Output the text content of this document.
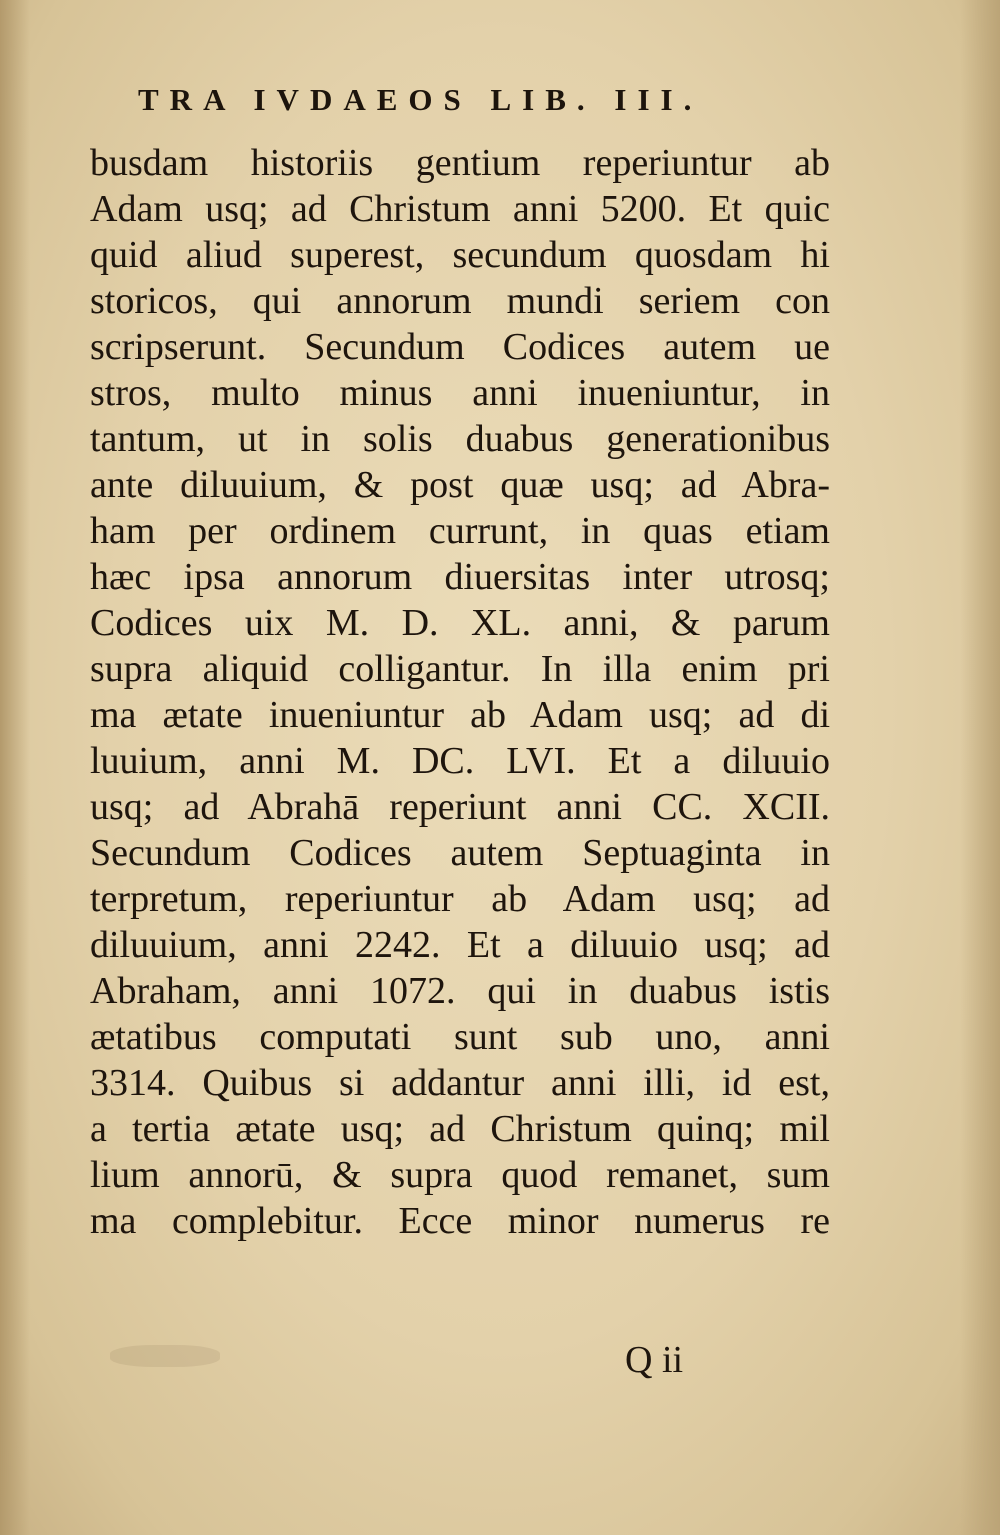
TRA IVDAEOS LIB. III.
busdam historiis gentium reperiuntur ab
Adam usq; ad Christum anni 5200. Et quic
quid aliud superest, secundum quosdam hi
storicos, qui annorum mundi seriem con
scripserunt. Secundum Codices autem ue
stros, multo minus anni inueniuntur, in
tantum, ut in solis duabus generationibus
ante diluuium, & post quæ usq; ad Abra-
ham per ordinem currunt, in quas etiam
hæc ipsa annorum diuersitas inter utrosq;
Codices uix M. D. XL. anni, & parum
supra aliquid colligantur. In illa enim pri
ma ætate inueniuntur ab Adam usq; ad di
luuium, anni M. DC. LVI. Et a diluuio
usq; ad Abrahā reperiunt anni CC. XCII.
Secundum Codices autem Septuaginta in
terpretum, reperiuntur ab Adam usq; ad
diluuium, anni 2242. Et a diluuio usq; ad
Abraham, anni 1072. qui in duabus istis
ætatibus computati sunt sub uno, anni
3314. Quibus si addantur anni illi, id est,
a tertia ætate usq; ad Christum quinq; mil
lium annorū, & supra quod remanet, sum
ma complebitur. Ecce minor numerus re
Q ii
